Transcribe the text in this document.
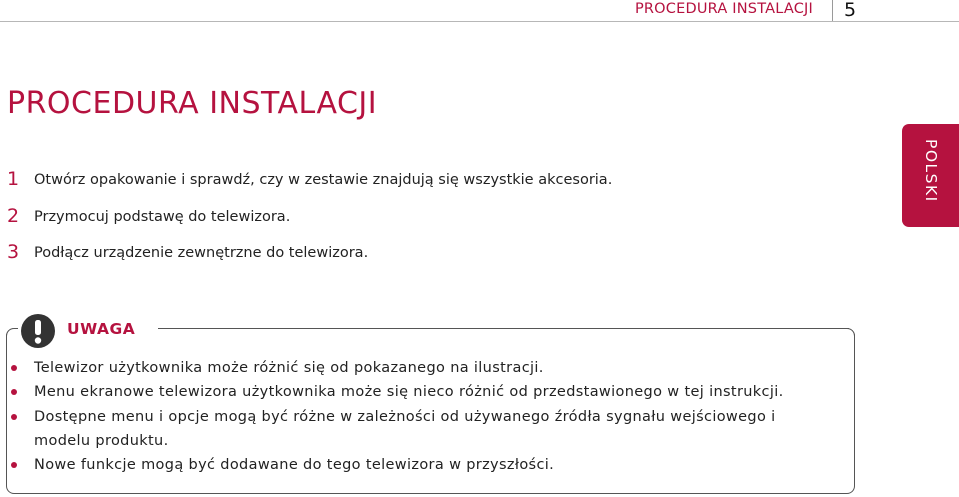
PROCEDURA INSTALACJI 5
PROCEDURA INSTALACJI
1 Otwórz opakowanie i sprawdź, czy w zestawie znajdują się wszystkie akcesoria.
2 Przymocuj podstawę do telewizora.
3 Podłącz urządzenie zewnętrzne do telewizora.
POLSKI
UWAGA
Telewizor użytkownika może różnić się od pokazanego na ilustracji.
Menu ekranowe telewizora użytkownika może się nieco różnić od przedstawionego w tej instrukcji.
Dostępne menu i opcje mogą być różne w zależności od używanego źródła sygnału wejściowego i modelu produktu.
Nowe funkcje mogą być dodawane do tego telewizora w przyszłości.
